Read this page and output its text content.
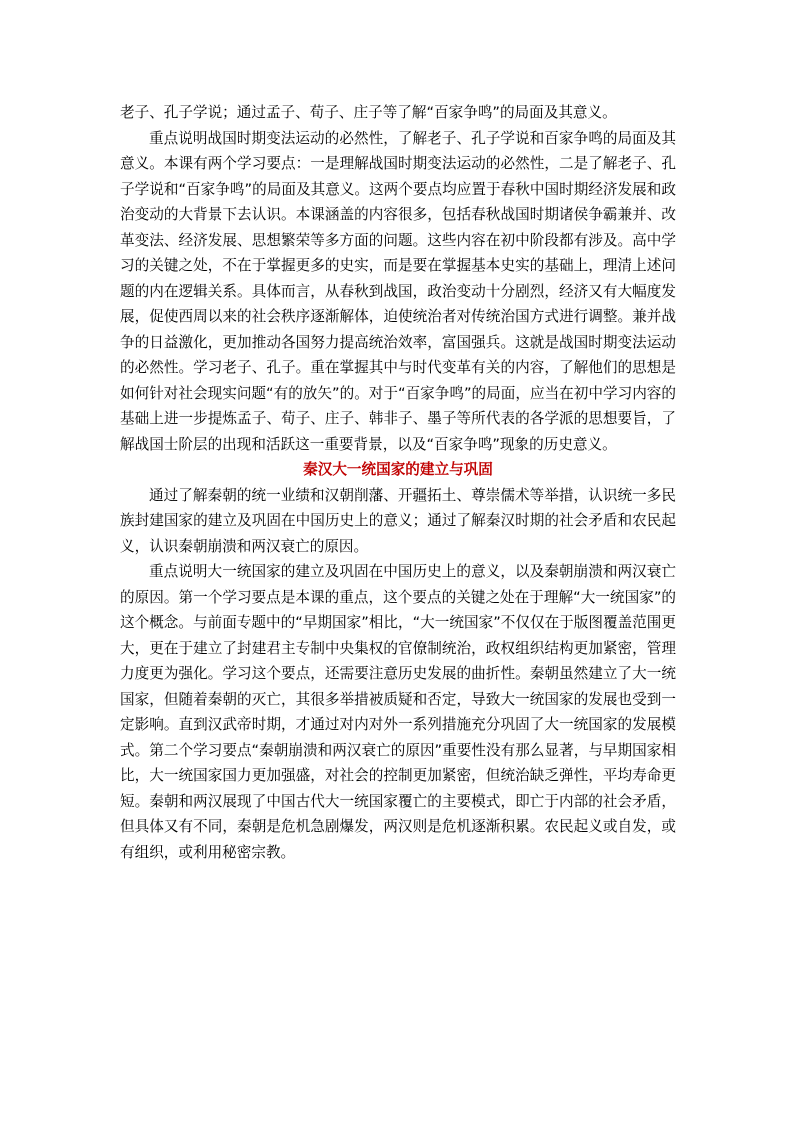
老子、孔子学说；通过孟子、荀子、庄子等了解“百家争鸣”的局面及其意义。

重点说明战国时期变法运动的必然性，了解老子、孔子学说和百家争鸣的局面及其意义。本课有两个学习要点：一是理解战国时期变法运动的必然性，二是了解老子、孔子学说和“百家争鸣”的局面及其意义。这两个要点均应置于春秋中国时期经济发展和政治变动的大背景下去认识。本课涵盖的内容很多，包括春秋战国时期诸侯争霸兼并、改革变法、经济发展、思想繁荣等多方面的问题。这些内容在初中阶段都有涉及。高中学习的关键之处，不在于掌握更多的史实，而是要在掌握基本史实的基础上，理清上述问题的内在逻辑关系。具体而言，从春秋到战国，政治变动十分剧烈，经济又有大幅度发展，促使西周以来的社会秩序逐渐解体，迫使统治者对传统治国方式进行调整。兼并战争的日益激化，更加推动各国努力提高统治效率，富国强兵。这就是战国时期变法运动的必然性。学习老子、孔子。重在掌握其中与时代变革有关的内容，了解他们的思想是如何针对社会现实问题“有的放矢”的。对于“百家争鸣”的局面，应当在初中学习内容的基础上进一步提炼孟子、荀子、庄子、韩非子、墨子等所代表的各学派的思想要旨，了解战国士阶层的出现和活跃这一重要背景，以及“百家争鸣”现象的历史意义。

秦汉大一统国家的建立与巩固

通过了解秦朝的统一业绩和汉朝削藩、开疆拓土、尊崇儒术等举措，认识统一多民族封建国家的建立及巩固在中国历史上的意义；通过了解秦汉时期的社会矛盾和农民起义，认识秦朝崩溃和两汉衰亡的原因。

重点说明大一统国家的建立及巩固在中国历史上的意义，以及秦朝崩溃和两汉衰亡的原因。第一个学习要点是本课的重点，这个要点的关键之处在于理解“大一统国家”的这个概念。与前面专题中的“早期国家”相比，“大一统国家”不仅仅在于版图覆盖范围更大，更在于建立了封建君主专制中央集权的官僚制统治，政权组织结构更加紧密，管理力度更为强化。学习这个要点，还需要注意历史发展的曲折性。秦朝虽然建立了大一统国家，但随着秦朝的灭亡，其很多举措被质疑和否定，导致大一统国家的发展也受到一定影响。直到汉武帝时期，才通过对内对外一系列措施充分巩固了大一统国家的发展模式。第二个学习要点“秦朝崩溃和两汉衰亡的原因”重要性没有那么显著，与早期国家相比，大一统国家国力更加强盛，对社会的控制更加紧密，但统治缺乏弹性，平均寿命更短。秦朝和两汉展现了中国古代大一统国家覆亡的主要模式，即亡于内部的社会矛盾，但具体又有不同，秦朝是危机急剧爆发，两汉则是危机逐渐积累。农民起义或自发，或有组织，或利用秘密宗教。
